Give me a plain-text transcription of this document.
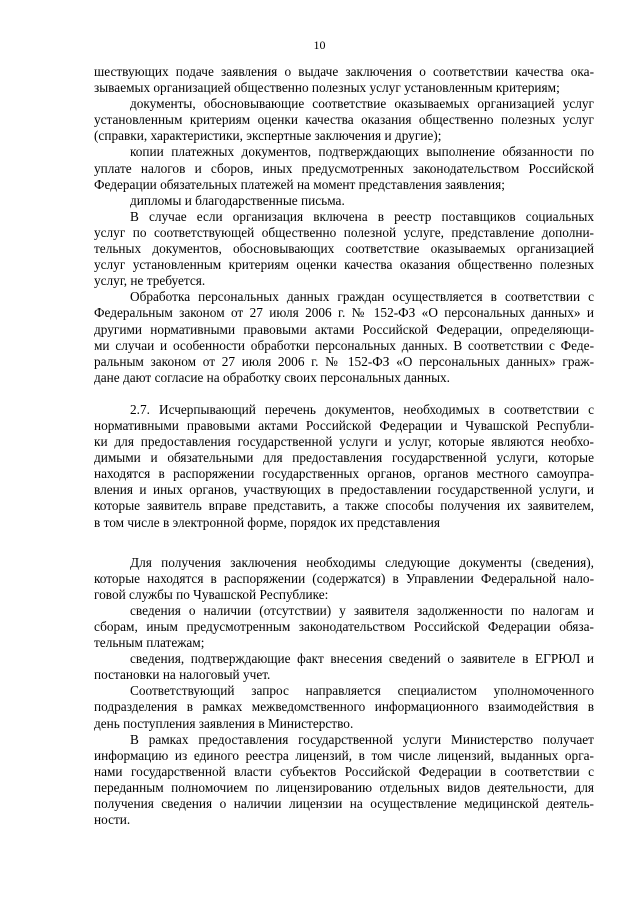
10
шествующих подаче заявления о выдаче заключения о соответствии качества ока-
зываемых организацией общественно полезных услуг установленным критериям;
документы, обосновывающие соответствие оказываемых организацией услуг
установленным критериям оценки качества оказания общественно полезных услуг
(справки, характеристики, экспертные заключения и другие);
копии платежных документов, подтверждающих выполнение обязанности по
уплате налогов и сборов, иных предусмотренных законодательством Российской
Федерации обязательных платежей на момент представления заявления;
дипломы и благодарственные письма.
В случае если организация включена в реестр поставщиков социальных
услуг по соответствующей общественно полезной услуге, представление дополни-
тельных документов, обосновывающих соответствие оказываемых организацией
услуг установленным критериям оценки качества оказания общественно полезных
услуг, не требуется.
Обработка персональных данных граждан осуществляется в соответствии с
Федеральным законом от 27 июля 2006 г. № 152-ФЗ «О персональных данных» и
другими нормативными правовыми актами Российской Федерации, определяющи-
ми случаи и особенности обработки персональных данных. В соответствии с Феде-
ральным законом от 27 июля 2006 г. № 152-ФЗ «О персональных данных» граж-
дане дают согласие на обработку своих персональных данных.
2.7. Исчерпывающий перечень документов, необходимых в соответствии с
нормативными правовыми актами Российской Федерации и Чувашской Республи-
ки для предоставления государственной услуги и услуг, которые являются необхо-
димыми и обязательными для предоставления государственной услуги, которые
находятся в распоряжении государственных органов, органов местного самоупра-
вления и иных органов, участвующих в предоставлении государственной услуги, и
которые заявитель вправе представить, а также способы получения их заявителем,
в том числе в электронной форме, порядок их представления
Для получения заключения необходимы следующие документы (сведения),
которые находятся в распоряжении (содержатся) в Управлении Федеральной нало-
говой службы по Чувашской Республике:
сведения о наличии (отсутствии) у заявителя задолженности по налогам и
сборам, иным предусмотренным законодательством Российской Федерации обяза-
тельным платежам;
сведения, подтверждающие факт внесения сведений о заявителе в ЕГРЮЛ и
постановки на налоговый учет.
Соответствующий запрос направляется специалистом уполномоченного
подразделения в рамках межведомственного информационного взаимодействия в
день поступления заявления в Министерство.
В рамках предоставления государственной услуги Министерство получает
информацию из единого реестра лицензий, в том числе лицензий, выданных орга-
нами государственной власти субъектов Российской Федерации в соответствии с
переданным полномочием по лицензированию отдельных видов деятельности, для
получения сведения о наличии лицензии на осуществление медицинской деятель-
ности.
